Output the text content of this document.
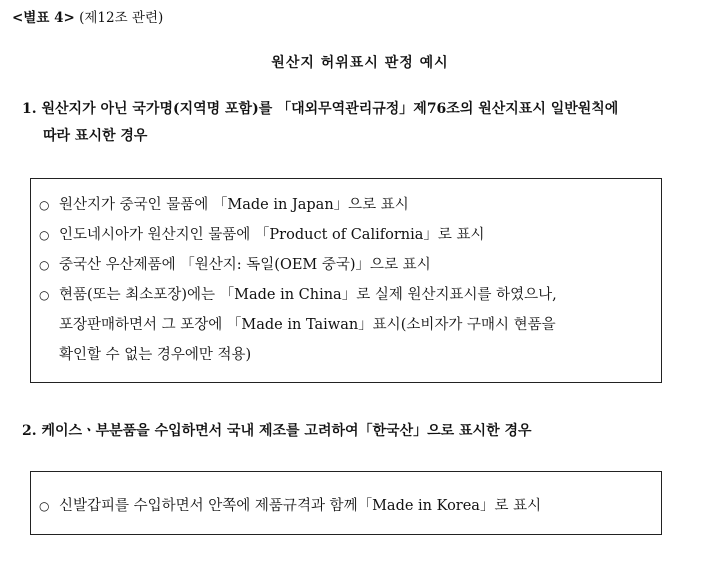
<별표 4> (제12조 관련)
원산지 허위표시 판정 예시
1. 원산지가 아닌 국가명(지역명 포함)를 「대외무역관리규정」제76조의 원산지표시 일반원칙에
따라 표시한 경우
○ 원산지가 중국인 물품에 「Made in Japan」으로 표시
○ 인도네시아가 원산지인 물품에 「Product of California」로 표시
○ 중국산 우산제품에 「원산지: 독일(OEM 중국)」으로 표시
○ 현품(또는 최소포장)에는 「Made in China」로 실제 원산지표시를 하였으나,
포장판매하면서 그 포장에 「Made in Taiwan」표시(소비자가 구매시 현품을
확인할 수 없는 경우에만 적용)
2. 케이스ㆍ부분품을 수입하면서 국내 제조를 고려하여「한국산」으로 표시한 경우
○ 신발갑피를 수입하면서 안쪽에 제품규격과 함께「Made in Korea」로 표시
